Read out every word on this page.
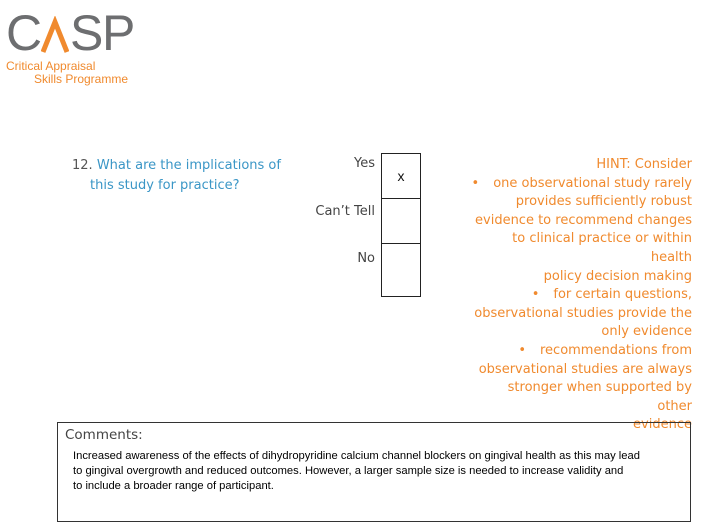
C S
P
Critical Appraisal
Skills Programme
12. What are the implications of
this study for practice?
Yes
Can’t Tell
No
x
HINT: Consider
• one observational study rarely
provides sufficiently robust
evidence to recommend changes
to clinical practice or within health
policy decision making
• for certain questions,
observational studies provide the
only evidence
• recommendations from
observational studies are always
stronger when supported by other
evidence
Comments:
Increased awareness of the effects of dihydropyridine calcium channel blockers on gingival health as this may lead
to gingival overgrowth and reduced outcomes. However, a larger sample size is needed to increase validity and
to include a broader range of participant.
